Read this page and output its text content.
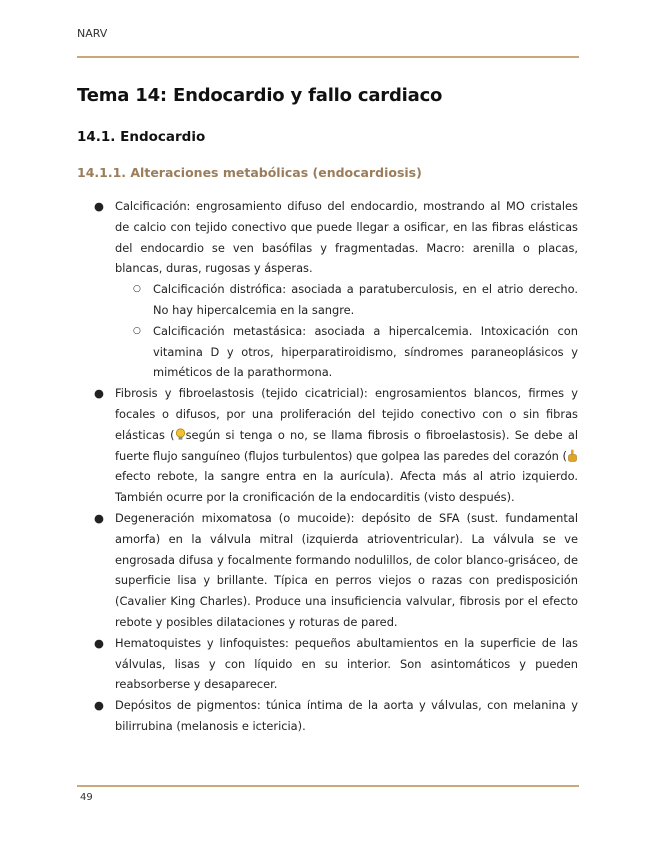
NARV
Tema 14: Endocardio y fallo cardiaco
14.1. Endocardio
14.1.1. Alteraciones metabólicas (endocardiosis)
● Calcificación: engrosamiento difuso del endocardio, mostrando al MO cristales de calcio con tejido conectivo que puede llegar a osificar, en las fibras elásticas del endocardio se ven basófilas y fragmentadas. Macro: arenilla o placas, blancas, duras, rugosas y ásperas.
○ Calcificación distrófica: asociada a paratuberculosis, en el atrio derecho. No hay hipercalcemia en la sangre.
○ Calcificación metastásica: asociada a hipercalcemia. Intoxicación con vitamina D y otros, hiperparatiroidismo, síndromes paraneoplásicos y miméticos de la parathormona.
● Fibrosis y fibroelastosis (tejido cicatricial): engrosamientos blancos, firmes y focales o difusos, por una proliferación del tejido conectivo con o sin fibras elásticas ( según si tenga o no, se llama fibrosis o fibroelastosis). Se debe al fuerte flujo sanguíneo (flujos turbulentos) que golpea las paredes del corazón (efecto rebote, la sangre entra en la aurícula). Afecta más al atrio izquierdo. También ocurre por la cronificación de la endocarditis (visto después).
● Degeneración mixomatosa (o mucoide): depósito de SFA (sust. fundamental amorfa) en la válvula mitral (izquierda atrioventricular). La válvula se ve engrosada difusa y focalmente formando nodulillos, de color blanco-grisáceo, de superficie lisa y brillante. Típica en perros viejos o razas con predisposición (Cavalier King Charles). Produce una insuficiencia valvular, fibrosis por el efecto rebote y posibles dilataciones y roturas de pared.
● Hematoquistes y linfoquistes: pequeños abultamientos en la superficie de las válvulas, lisas y con líquido en su interior. Son asintomáticos y pueden reabsorberse y desaparecer.
● Depósitos de pigmentos: túnica íntima de la aorta y válvulas, con melanina y bilirrubina (melanosis e ictericia).
49
